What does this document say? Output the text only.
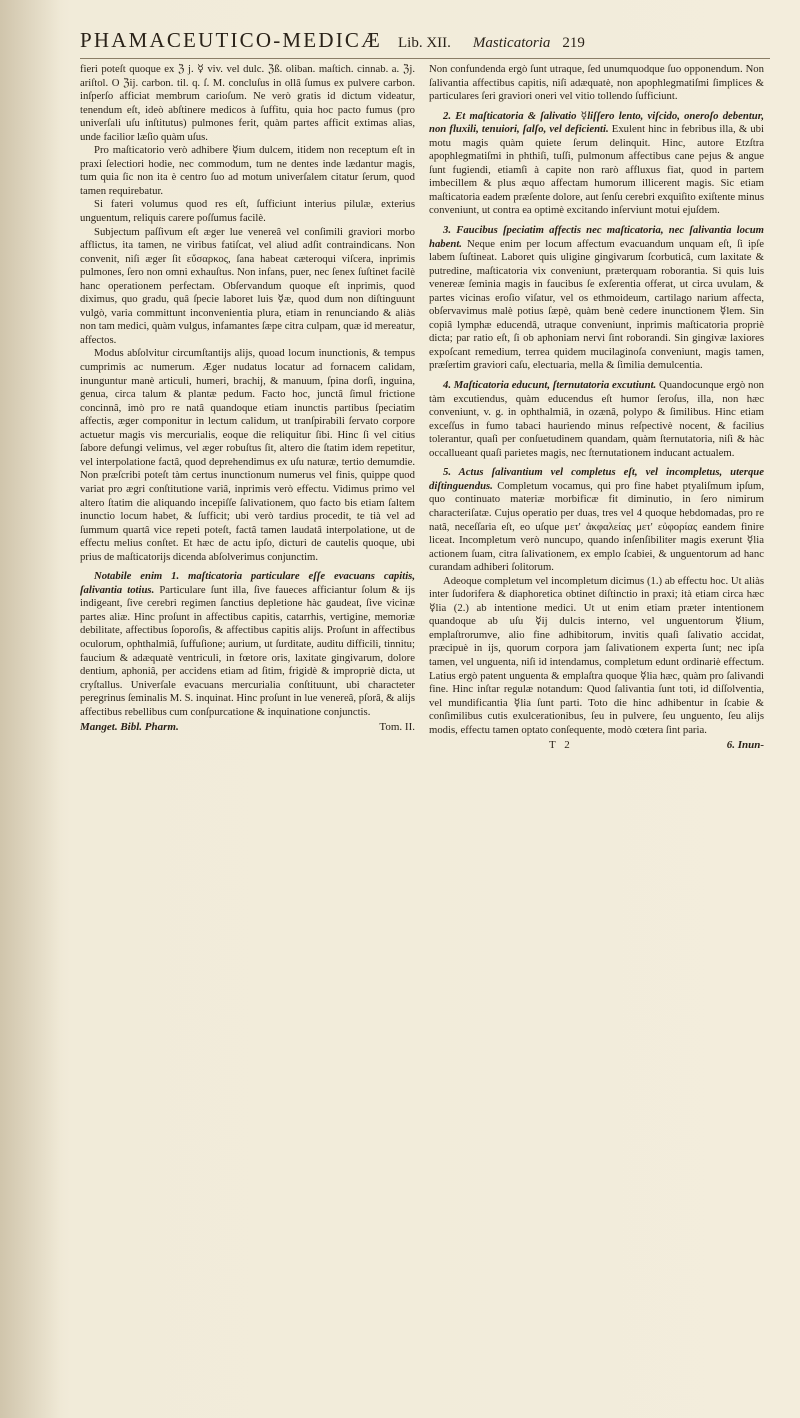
PHAMACEUTICO-MEDICÆ Lib. XII. Masticatoria 219

fieri poteſt quoque ex ℨ j. ☿ viv. vel dulc. ℨß. oliban. maſtich. cinnab. a. ℨj. ariſtol. O ℨij. carbon. til. q. ſ. M. concluſus in ollâ ſumus ex pulvere carbon. inſperſo afficiat membrum carioſum. Ne verò gratis id dictum videatur, tenendum eſt, ideò abſtinere medicos à ſuffitu, quia hoc pacto fumus (pro univerſali uſu inſtitutus) pulmones ferit, quàm partes afficit extimas alias, unde facilior læſio quàm uſus.

Pro maſticatorio verò adhibere ☿ium dulcem, itidem non receptum eſt in praxi ſelectiori hodie, nec commodum, tum ne dentes inde lædantur magis, tum quia ſic non ita è centro ſuo ad motum univerſalem citatur ſerum, quod tamen requirebatur.

Si fateri volumus quod res eſt, ſufficiunt interius pilulæ, exterius unguentum, reliquis carere poſſumus facilè.

Subjectum paſſivum eſt æger lue venereâ vel conſimili graviori morbo afflictus, ita tamen, ne viribus fatiſcat, vel aliud adſit contraindicans. Non convenit, niſi æger ſit εὔσαρκος, ſana habeat cæteroqui viſcera, inprimis pulmones, ſero non omni exhauſtus. Non infans, puer, nec ſenex ſuſtinet facilè hanc operationem perfectam. Obſervandum quoque eſt inprimis, quod diximus, quo gradu, quâ ſpecie laboret luis ☿æ, quod dum non diſtinguunt vulgò, varia committunt inconvenientia plura, etiam in renunciando & aliàs non tam medici, quàm vulgus, infamantes ſæpe citra culpam, quæ id mereatur, affectos.

Modus abſolvitur circumſtantijs alijs, quoad locum inunctionis, & tempus cumprimis ac numerum. Æger nudatus locatur ad fornacem calidam, inunguntur manè articuli, humeri, brachij, & manuum, ſpina dorſi, inguina, genua, circa talum & plantæ pedum. Facto hoc, junctâ ſimul frictione concinnâ, imò pro re natâ quandoque etiam inunctis partibus ſpeciatim affectis, æger componitur in lectum calidum, ut tranſpirabili ſervato corpore actuetur magis vis mercurialis, eoque die reliquitur ſibi. Hinc ſi vel citius ſabore defungi velimus, vel æger robuſtus ſit, altero die ſtatim idem repetitur, vel interpolatione factâ, quod deprehendimus ex uſu naturæ, tertio demumdie. Non præſcribi poteſt tàm certus inunctionum numerus vel finis, quippe quod variat pro ægri conſtitutione variâ, inprimis verò effectu. Vidimus primo vel altero ſtatim die aliquando incepiſſe ſalivationem, quo facto bis etiam ſaltem inunctio locum habet, & ſufficit; ubi verò tardius procedit, te tià vel ad ſummum quartâ vice repeti poteſt, factâ tamen laudatâ interpolatione, ut de effectu melius conſtet. Et hæc de actu ipſo, dicturi de cautelis quoque, ubi prius de maſticatorijs dicenda abſolverimus conjunctim.

Notabile enim 1. maſticatoria particulare eſſe evacuans capitis, ſalivantia totius. Particulare ſunt illa, ſive faueces afficiantur ſolum & ijs indigeant, ſive cerebri regimen ſanctius depletione hàc gaudeat, ſive vicinæ partes aliæ. Hinc proſunt in affectibus capitis, catarrhis, vertigine, memoriæ debilitate, affectibus ſoporoſis, & affectibus capitis alijs. Proſunt in affectibus oculorum, ophthalmiâ, ſuffuſione; aurium, ut ſurditate, auditu difficili, tinnitu; faucium & adæquatè ventriculi, in fœtore oris, laxitate gingivarum, dolore dentium, aphoniâ, per accidens etiam ad ſitim, frigidè & impropriè dicta, ut cryſtallus. Univerſale evacuans mercurialia conſtituunt, ubi characteter peregrinus ſeminalis M. S. inquinat. Hinc proſunt in lue venereâ, pſorâ, & alijs affectibus rebellibus cum conſpurcatione & inquinatione conjunctis.

Manget. Bibl. Pharm.	Tom. II.

Non confundenda ergò ſunt utraque, ſed unumquodque ſuo opponendum. Non ſalivantia affectibus capitis, niſi adæquatè, non apophlegmatiſmi ſimplices & particulares ſeri graviori oneri vel vitio tollendo ſufficiunt.

2. Et maſticatoria & ſalivatio ☿liſſero lento, viſcido, oneroſo debentur, non fluxili, tenuiori, ſalſo, vel deficienti. Exulent hinc in febribus illa, & ubi motu magis quàm quiete ſerum delinquit. Hinc, autore Etzſtra apophlegmatiſmi in phthiſi, tuſſi, pulmonum affectibus cane pejus & angue ſunt fugiendi, etiamſi à capite non rarò affluxus fiat, quod in partem imbecillem & plus æquo affectam humorum illicerent magis. Sic etiam maſticatoria eadem præſente dolore, aut ſenſu cerebri exquiſito exiſtente minus conveniunt, ut contra ea optimè excitando inſerviunt motui ejuſdem.

3. Faucibus ſpeciatim affectis nec maſticatoria, nec ſalivantia locum habent. Neque enim per locum affectum evacuandum unquam eſt, ſi ipſe labem ſuſtineat. Laboret quis uligine gingivarum ſcorbuticâ, cum laxitate & putredine, maſticatoria vix conveniunt, præterquam roborantia. Si quis luis venereæ ſeminia magis in faucibus ſe exſerentia offerat, ut circa uvulam, & partes vicinas eroſio viſatur, vel os ethmoideum, cartilago narium affecta, obſervavimus malè potius ſæpè, quàm benè cedere inunctionem ☿lem. Sin copiâ lymphæ educendâ, utraque conveniunt, inprimis maſticatoria propriè dicta; par ratio eſt, ſi ob aphoniam nervi ſint roborandi. Sin gingivæ laxiores expoſcant remedium, terrea quidem mucilaginoſa conveniunt, magis tamen, præſertim graviori caſu, electuaria, mella & ſimilia demulcentia.

4. Maſticatoria educunt, ſternutatoria excutiunt. Quandocunque ergò non tàm excutiendus, quàm educendus eſt humor ſeroſus, illa, non hæc conveniunt, v. g. in ophthalmiâ, in ozænâ, polypo & ſimilibus. Hinc etiam exceſſus in fumo tabaci hauriendo minus reſpectivè nocent, & facilius tolerantur, quaſi per conſuetudinem quandam, quàm ſternutatoria, niſi & hàc occallueant quaſi parietes magis, nec ſternutationem inducant actualem.

5. Actus ſalivantium vel completus eſt, vel incompletus, uterque diſtinguendus. Completum vocamus, qui pro fine habet ptyaliſmum ipſum, quo continuato materiæ morbificæ fit diminutio, in ſero nimirum characteriſatæ. Cujus operatio per duas, tres vel 4 quoque hebdomadas, pro re natâ, neceſſaria eſt, eo uſque μετ' ἀκφαλείας μετ' εὐφορίας eandem finire liceat. Incompletum verò nuncupo, quando inſenſibiliter magis exerunt ☿lia actionem ſuam, citra ſalivationem, ex emplo ſcabiei, & unguentorum ad hanc curandam adhiberi ſolitorum.

Adeoque completum vel incompletum dicimus (1.) ab effectu hoc. Ut aliàs inter ſudorifera & diaphoretica obtinet diſtinctio in praxi; ità etiam circa hæc ☿lia (2.) ab intentione medici. Ut ut enim etiam præter intentionem quandoque ab uſu ☿ij dulcis interno, vel unguentorum ☿lium, emplaſtrorumve, alio fine adhibitorum, invitis quaſi ſalivatio accidat, præcipuè in ijs, quorum corpora jam ſalivationem expertа ſunt; nec ipſa tamen, vel unguenta, niſi id intendamus, completum edunt ordinariè effectum. Latius ergò patent unguenta & emplaſtra quoque ☿lia hæc, quàm pro ſalivandi fine. Hinc inſtar regulæ notandum: Quod ſalivantia ſunt toti, id diſſolventia, vel mundificantia ☿lia ſunt parti. Toto die hinc adhibentur in ſcabie & conſimilibus cutis exulcerationibus, ſeu in pulvere, ſeu unguento, ſeu alijs modis, effectu tamen optato conſequente, modò cœtera ſint paria.

T 2	6. Inun-
